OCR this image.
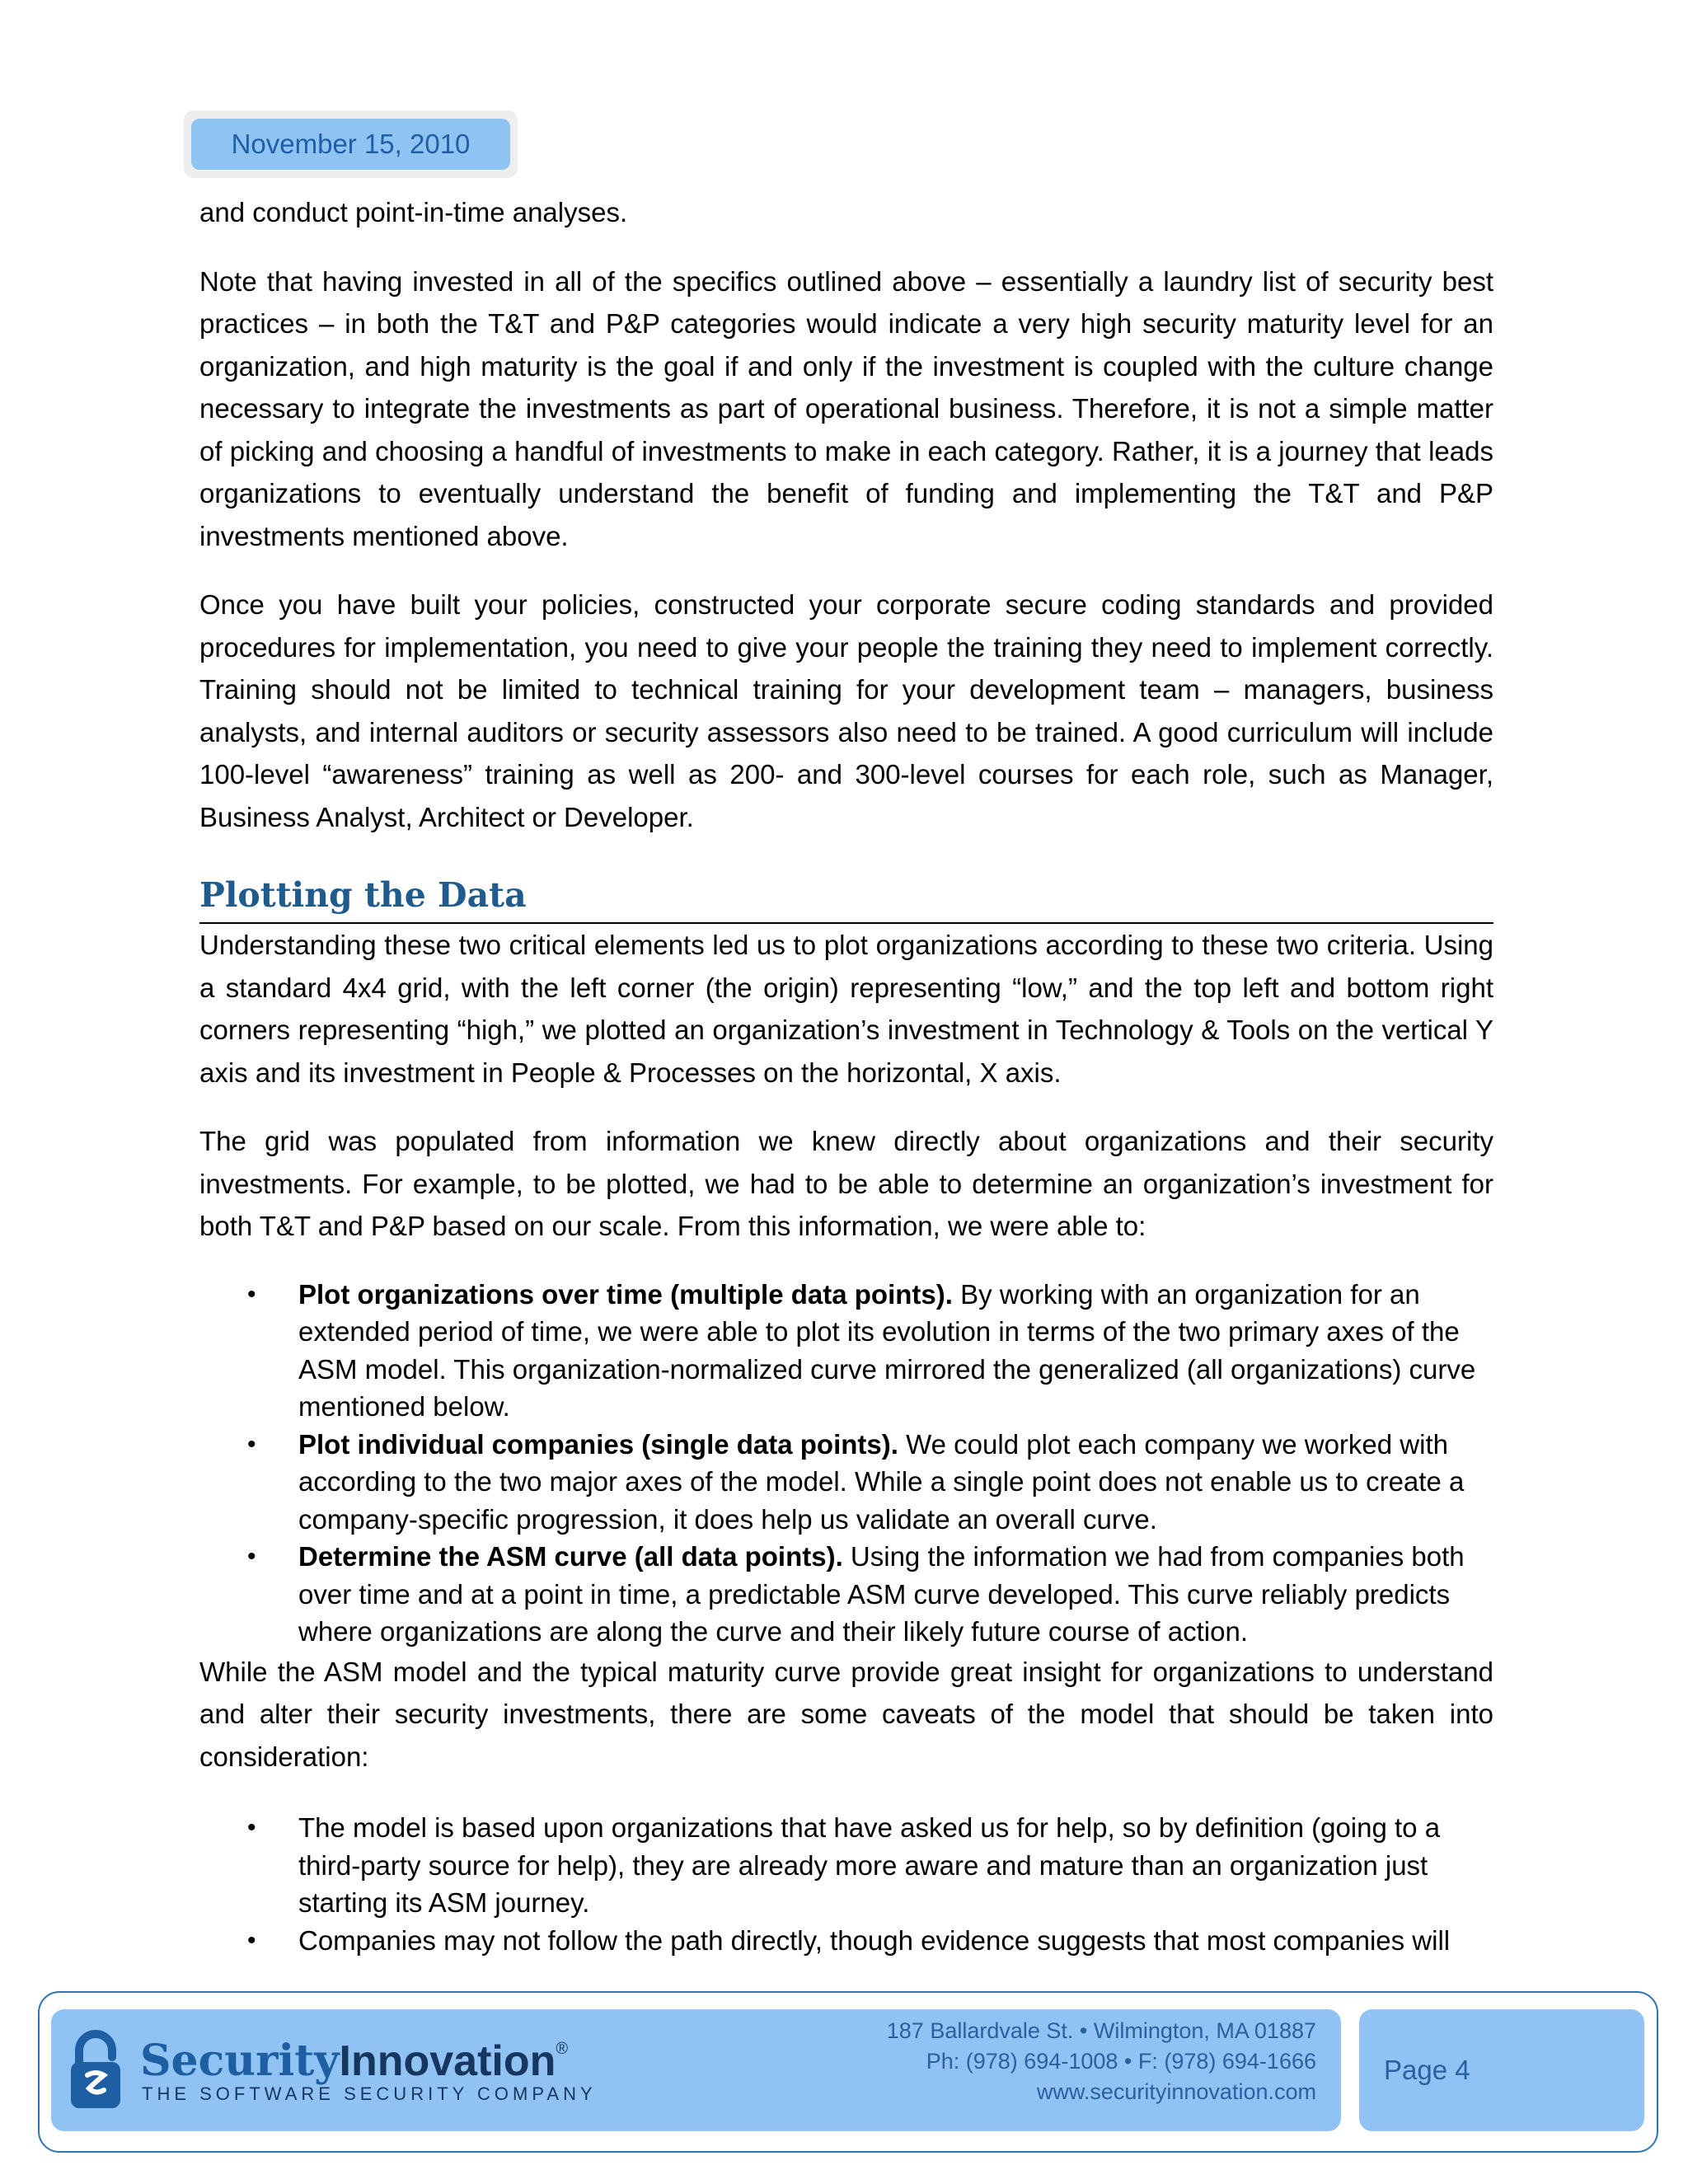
November 15, 2010

and conduct point-in-time analyses.

Note that having invested in all of the specifics outlined above – essentially a laundry list of security best practices – in both the T&T and P&P categories would indicate a very high security maturity level for an organization, and high maturity is the goal if and only if the investment is coupled with the culture change necessary to integrate the investments as part of operational business. Therefore, it is not a simple matter of picking and choosing a handful of investments to make in each category. Rather, it is a journey that leads organizations to eventually understand the benefit of funding and implementing the T&T and P&P investments mentioned above.

Once you have built your policies, constructed your corporate secure coding standards and provided procedures for implementation, you need to give your people the training they need to implement correctly. Training should not be limited to technical training for your development team – managers, business analysts, and internal auditors or security assessors also need to be trained. A good curriculum will include 100-level “awareness” training as well as 200- and 300-level courses for each role, such as Manager, Business Analyst, Architect or Developer.

Plotting the Data

Understanding these two critical elements led us to plot organizations according to these two criteria. Using a standard 4x4 grid, with the left corner (the origin) representing “low,” and the top left and bottom right corners representing “high,” we plotted an organization’s investment in Technology & Tools on the vertical Y axis and its investment in People & Processes on the horizontal, X axis.

The grid was populated from information we knew directly about organizations and their security investments. For example, to be plotted, we had to be able to determine an organization’s investment for both T&T and P&P based on our scale. From this information, we were able to:

• Plot organizations over time (multiple data points). By working with an organization for an extended period of time, we were able to plot its evolution in terms of the two primary axes of the ASM model. This organization-normalized curve mirrored the generalized (all organizations) curve mentioned below.
• Plot individual companies (single data points). We could plot each company we worked with according to the two major axes of the model. While a single point does not enable us to create a company-specific progression, it does help us validate an overall curve.
• Determine the ASM curve (all data points). Using the information we had from companies both over time and at a point in time, a predictable ASM curve developed. This curve reliably predicts where organizations are along the curve and their likely future course of action.

While the ASM model and the typical maturity curve provide great insight for organizations to understand and alter their security investments, there are some caveats of the model that should be taken into consideration:

• The model is based upon organizations that have asked us for help, so by definition (going to a third-party source for help), they are already more aware and mature than an organization just starting its ASM journey.
• Companies may not follow the path directly, though evidence suggests that most companies will
SecurityInnovation®
THE SOFTWARE SECURITY COMPANY
187 Ballardvale St. • Wilmington, MA 01887
Ph: (978) 694-1008 • F: (978) 694-1666
www.securityinnovation.com
Page 4
